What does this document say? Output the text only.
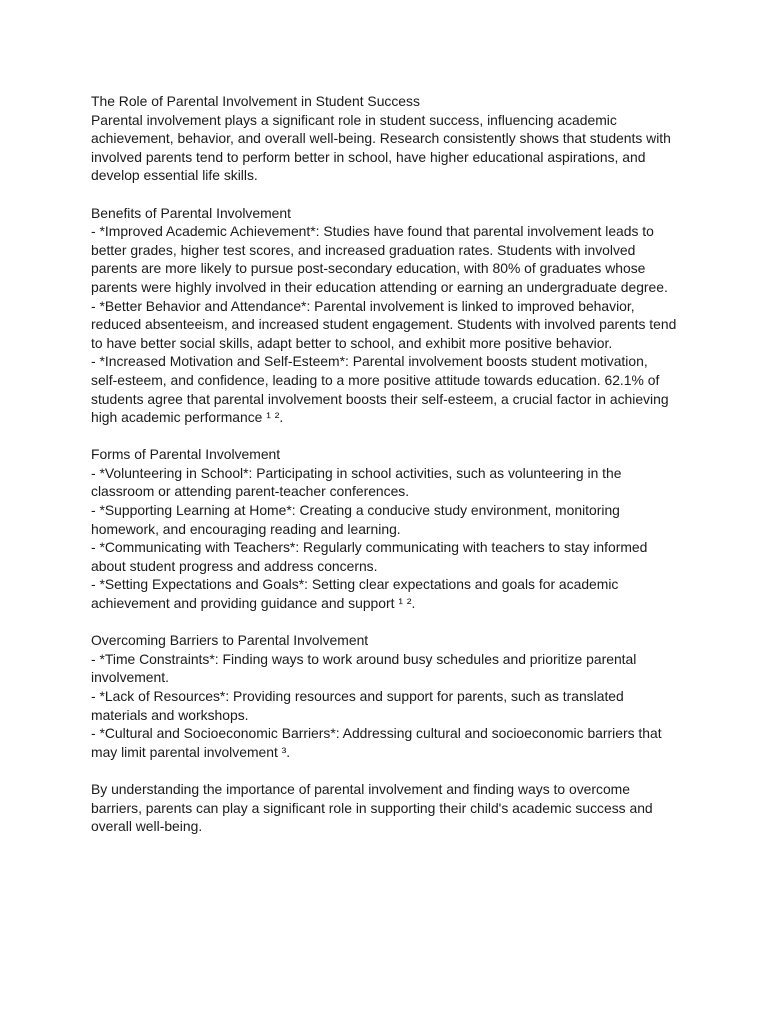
The Role of Parental Involvement in Student Success
Parental involvement plays a significant role in student success, influencing academic
achievement, behavior, and overall well-being. Research consistently shows that students with
involved parents tend to perform better in school, have higher educational aspirations, and
develop essential life skills.
Benefits of Parental Involvement
- *Improved Academic Achievement*: Studies have found that parental involvement leads to
better grades, higher test scores, and increased graduation rates. Students with involved
parents are more likely to pursue post-secondary education, with 80% of graduates whose
parents were highly involved in their education attending or earning an undergraduate degree.
- *Better Behavior and Attendance*: Parental involvement is linked to improved behavior,
reduced absenteeism, and increased student engagement. Students with involved parents tend
to have better social skills, adapt better to school, and exhibit more positive behavior.
- *Increased Motivation and Self-Esteem*: Parental involvement boosts student motivation,
self-esteem, and confidence, leading to a more positive attitude towards education. 62.1% of
students agree that parental involvement boosts their self-esteem, a crucial factor in achieving
high academic performance ¹ ².
Forms of Parental Involvement
- *Volunteering in School*: Participating in school activities, such as volunteering in the
classroom or attending parent-teacher conferences.
- *Supporting Learning at Home*: Creating a conducive study environment, monitoring
homework, and encouraging reading and learning.
- *Communicating with Teachers*: Regularly communicating with teachers to stay informed
about student progress and address concerns.
- *Setting Expectations and Goals*: Setting clear expectations and goals for academic
achievement and providing guidance and support ¹ ².
Overcoming Barriers to Parental Involvement
- *Time Constraints*: Finding ways to work around busy schedules and prioritize parental
involvement.
- *Lack of Resources*: Providing resources and support for parents, such as translated
materials and workshops.
- *Cultural and Socioeconomic Barriers*: Addressing cultural and socioeconomic barriers that
may limit parental involvement ³.
By understanding the importance of parental involvement and finding ways to overcome
barriers, parents can play a significant role in supporting their child's academic success and
overall well-being.
